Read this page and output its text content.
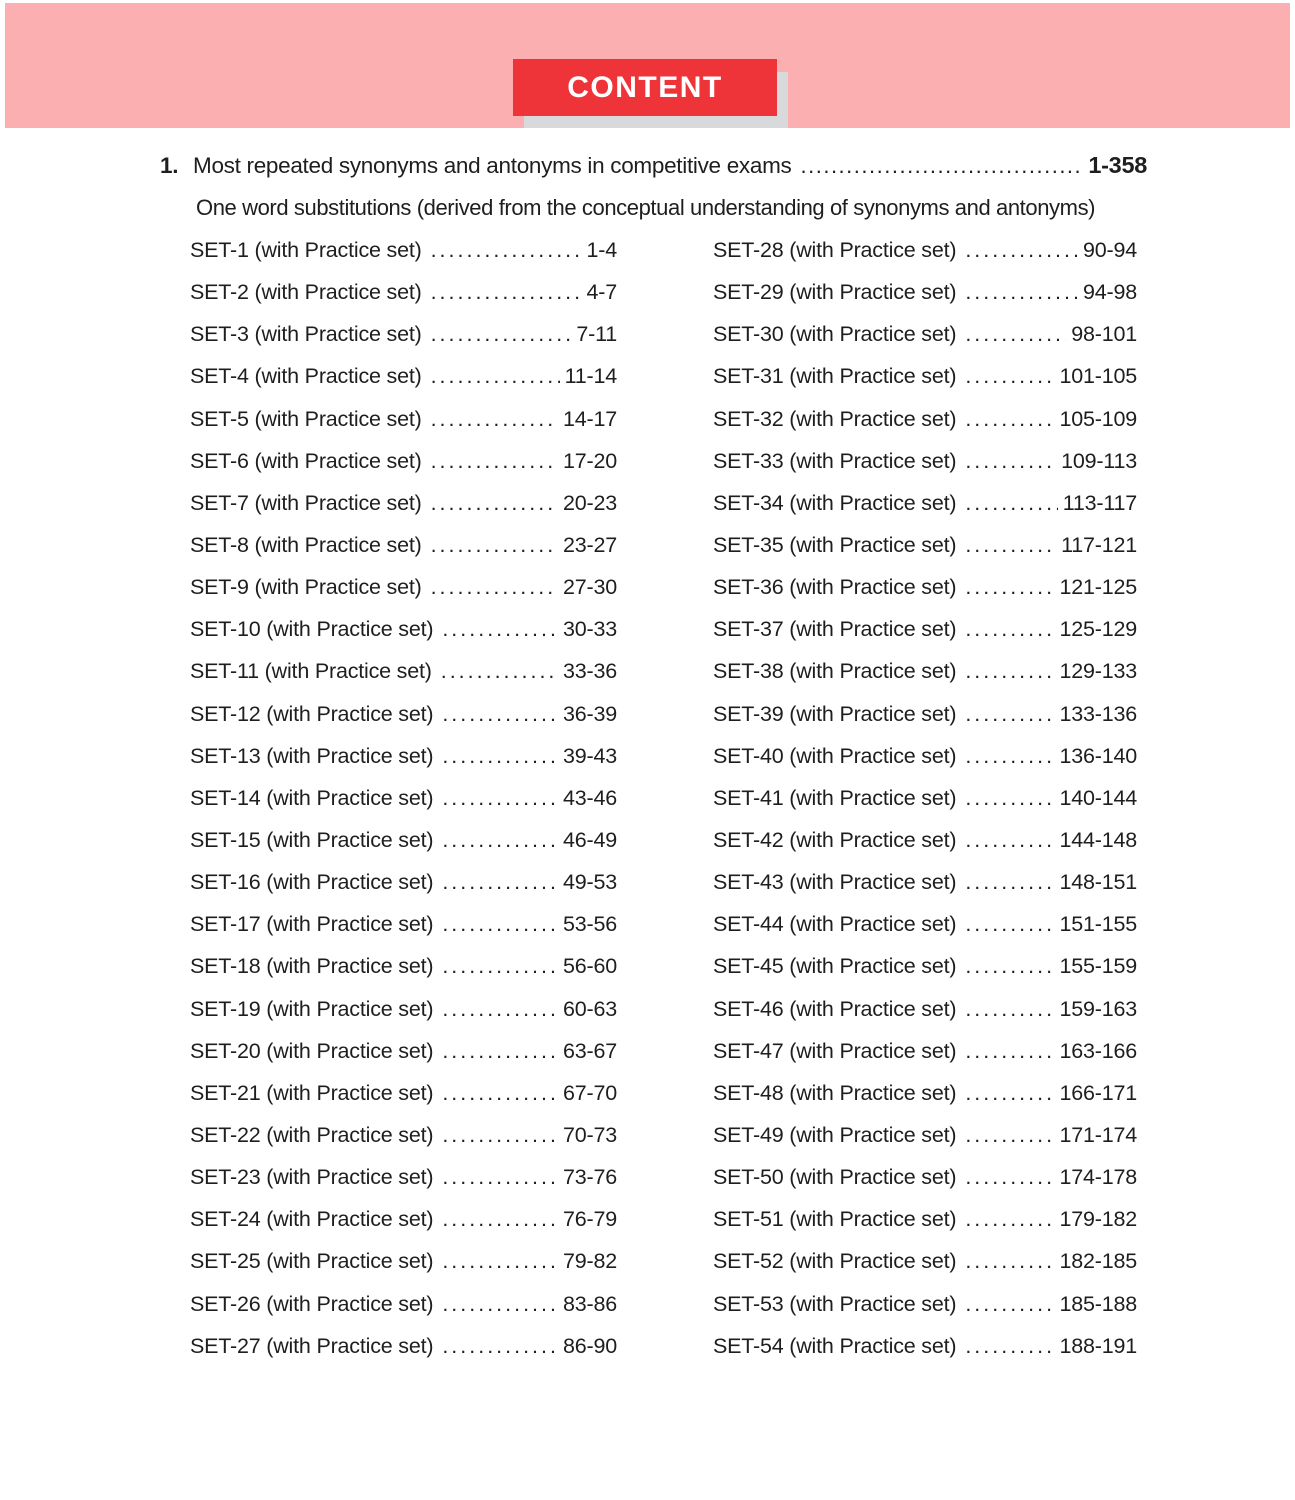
CONTENT
1. Most repeated synonyms and antonyms in competitive exams .....	1-358
One word substitutions (derived from the conceptual understanding of synonyms and antonyms)
SET-1 (with Practice set) .....	1-4
SET-2 (with Practice set) .....	4-7
SET-3 (with Practice set) .....	7-11
SET-4 (with Practice set) .....	11-14
SET-5 (with Practice set) .....	14-17
SET-6 (with Practice set) .....	17-20
SET-7 (with Practice set) .....	20-23
SET-8 (with Practice set) .....	23-27
SET-9 (with Practice set) .....	27-30
SET-10 (with Practice set) .....	30-33
SET-11 (with Practice set) .....	33-36
SET-12 (with Practice set) .....	36-39
SET-13 (with Practice set) .....	39-43
SET-14 (with Practice set) .....	43-46
SET-15 (with Practice set) .....	46-49
SET-16 (with Practice set) .....	49-53
SET-17 (with Practice set) .....	53-56
SET-18 (with Practice set) .....	56-60
SET-19 (with Practice set) .....	60-63
SET-20 (with Practice set) .....	63-67
SET-21 (with Practice set) .....	67-70
SET-22 (with Practice set) .....	70-73
SET-23 (with Practice set) .....	73-76
SET-24 (with Practice set) .....	76-79
SET-25 (with Practice set) .....	79-82
SET-26 (with Practice set) .....	83-86
SET-27 (with Practice set) .....	86-90
SET-28 (with Practice set) .....	90-94
SET-29 (with Practice set) .....	94-98
SET-30 (with Practice set) .....	98-101
SET-31 (with Practice set) .....	101-105
SET-32 (with Practice set) .....	105-109
SET-33 (with Practice set) .....	109-113
SET-34 (with Practice set) .....	113-117
SET-35 (with Practice set) .....	117-121
SET-36 (with Practice set) .....	121-125
SET-37 (with Practice set) .....	125-129
SET-38 (with Practice set) .....	129-133
SET-39 (with Practice set) .....	133-136
SET-40 (with Practice set) .....	136-140
SET-41 (with Practice set) .....	140-144
SET-42 (with Practice set) .....	144-148
SET-43 (with Practice set) .....	148-151
SET-44 (with Practice set) .....	151-155
SET-45 (with Practice set) .....	155-159
SET-46 (with Practice set) .....	159-163
SET-47 (with Practice set) .....	163-166
SET-48 (with Practice set) .....	166-171
SET-49 (with Practice set) .....	171-174
SET-50 (with Practice set) .....	174-178
SET-51 (with Practice set) .....	179-182
SET-52 (with Practice set) .....	182-185
SET-53 (with Practice set) .....	185-188
SET-54 (with Practice set) .....	188-191
